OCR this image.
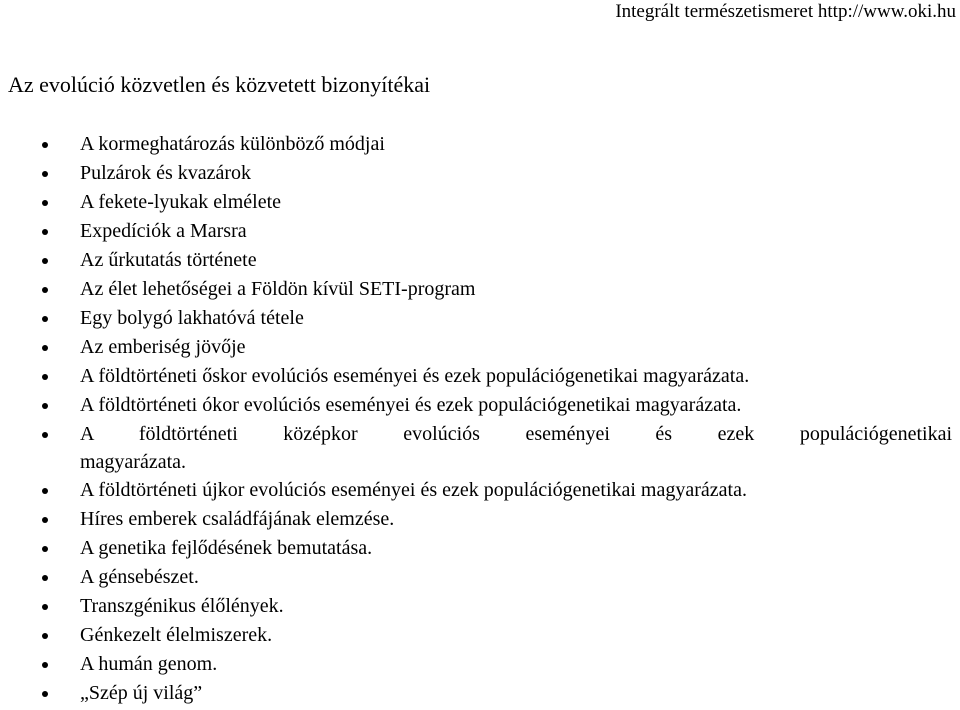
Integrált természetismeret http://www.oki.hu
Az evolúció közvetlen és közvetett bizonyítékai
A kormeghatározás különböző módjai
Pulzárok és kvazárok
A fekete-lyukak elmélete
Expedíciók a Marsra
Az űrkutatás története
Az élet lehetőségei a Földön kívül SETI-program
Egy bolygó lakhatóvá tétele
Az emberiség jövője
A földtörténeti őskor evolúciós eseményei és ezek populációgenetikai magyarázata.
A földtörténeti ókor evolúciós eseményei és ezek populációgenetikai magyarázata.
A földtörténeti középkor evolúciós eseményei és ezek populációgenetikai
magyarázata.
A földtörténeti újkor evolúciós eseményei és ezek populációgenetikai magyarázata.
Híres emberek családfájának elemzése.
A genetika fejlődésének bemutatása.
A génsebészet.
Transzgénikus élőlények.
Génkezelt élelmiszerek.
A humán genom.
„Szép új világ”
